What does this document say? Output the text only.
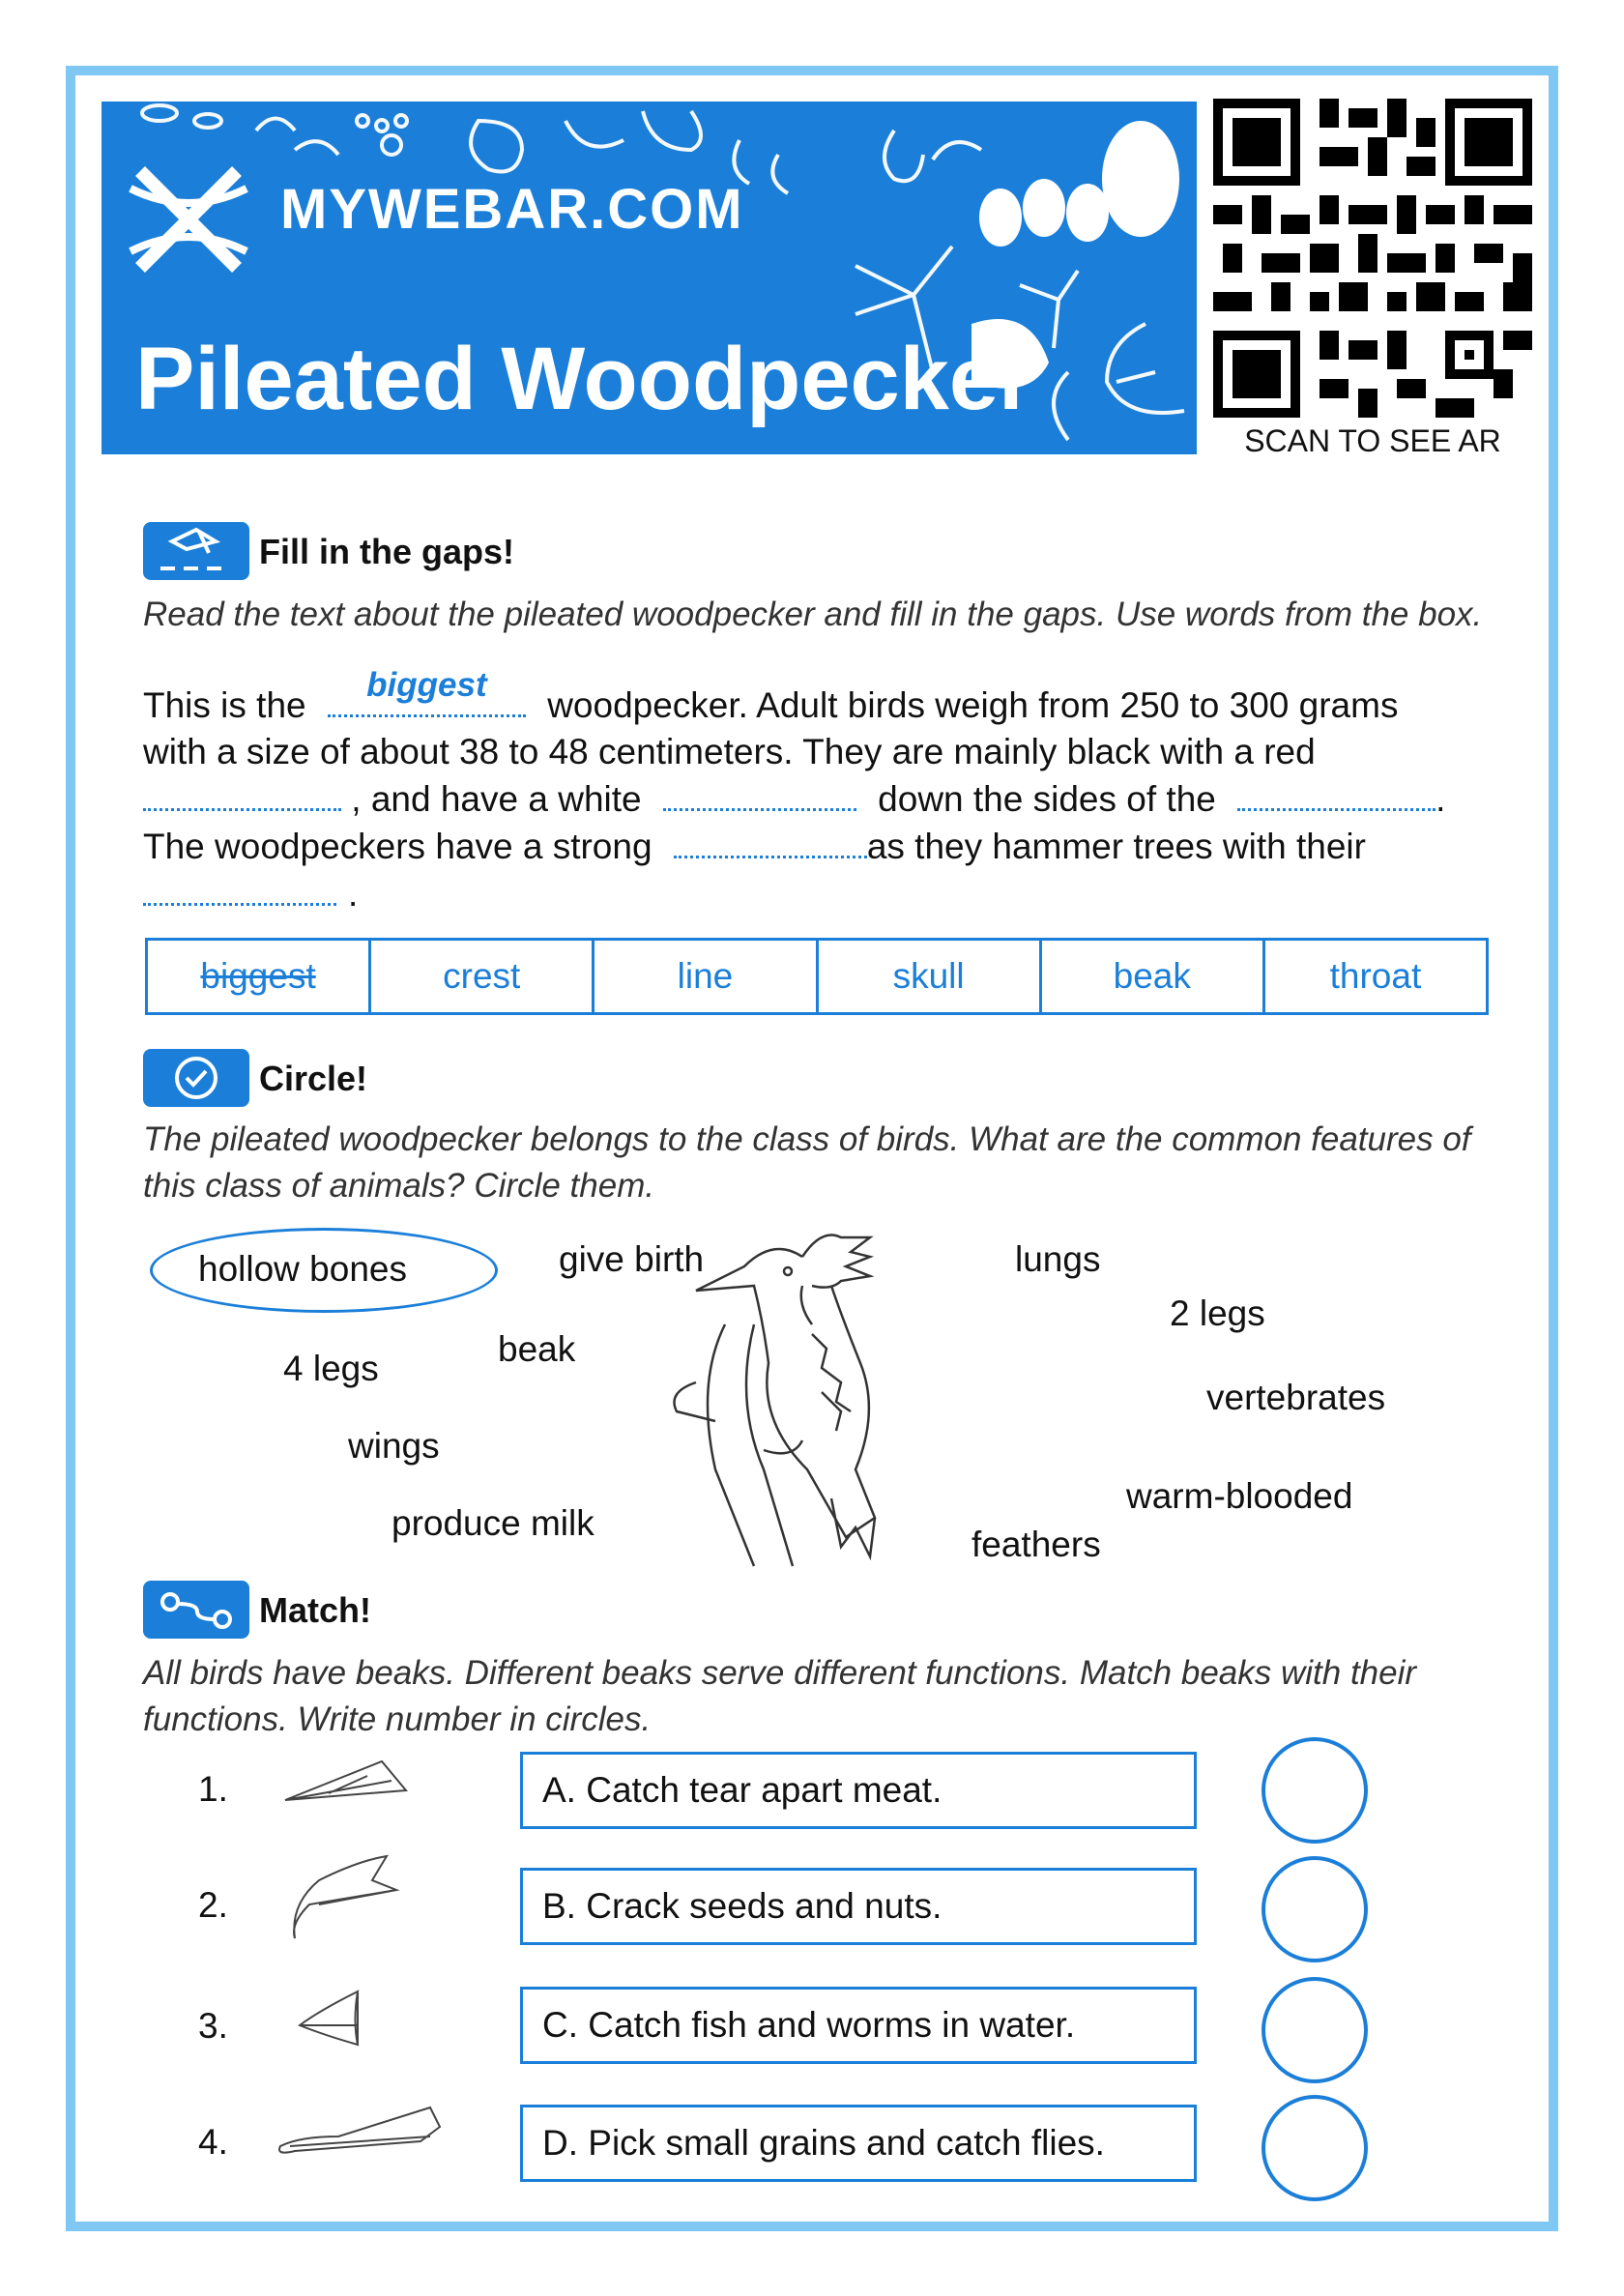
MYWEBAR.COM
Pileated Woodpecker
SCAN TO SEE AR
Fill in the gaps!
Read the text about the pileated woodpecker and fill in the gaps. Use words from the box.
This is the
biggest
woodpecker. Adult birds weigh from 250 to 300 grams
with a size of about 38 to 48 centimeters. They are mainly black with a red
, and have a white	down the sides of the	.
The woodpeckers have a strong	as they hammer trees with their
.
biggest	crest	line	skull	beak	throat
Circle!
The pileated woodpecker belongs to the class of birds. What are the common features of this class of animals? Circle them.
hollow bones	give birth	lungs
2 legs
4 legs	beak
vertebrates
wings
warm-blooded
produce milk
feathers
Match!
All birds have beaks. Different beaks serve different functions. Match beaks with their functions. Write number in circles.
1.	A. Catch tear apart meat.
2.	B. Crack seeds and nuts.
3.	C. Catch fish and worms in water.
4.	D. Pick small grains and catch flies.
